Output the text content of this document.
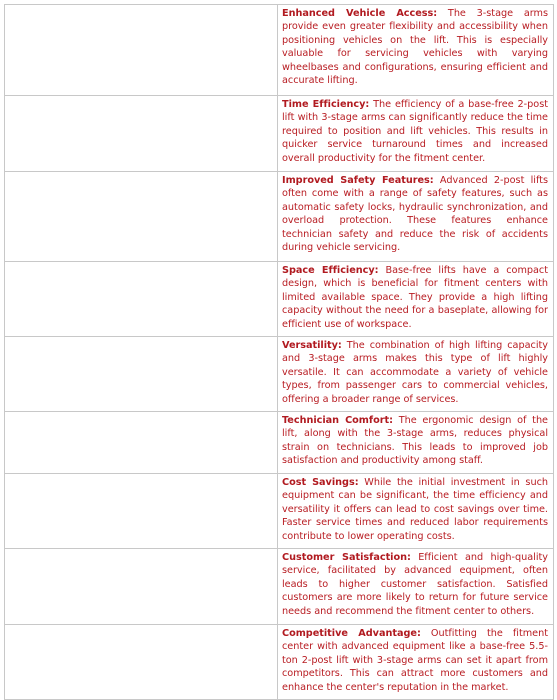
Enhanced Vehicle Access: The 3-stage arms provide even greater flexibility and accessibility when positioning vehicles on the lift. This is especially valuable for servicing vehicles with varying wheelbases and configurations, ensuring efficient and accurate lifting.

Time Efficiency: The efficiency of a base-free 2-post lift with 3-stage arms can significantly reduce the time required to position and lift vehicles. This results in quicker service turnaround times and increased overall productivity for the fitment center.

Improved Safety Features: Advanced 2-post lifts often come with a range of safety features, such as automatic safety locks, hydraulic synchronization, and overload protection. These features enhance technician safety and reduce the risk of accidents during vehicle servicing.

Space Efficiency: Base-free lifts have a compact design, which is beneficial for fitment centers with limited available space. They provide a high lifting capacity without the need for a baseplate, allowing for efficient use of workspace.

Versatility: The combination of high lifting capacity and 3-stage arms makes this type of lift highly versatile. It can accommodate a variety of vehicle types, from passenger cars to commercial vehicles, offering a broader range of services.

Technician Comfort: The ergonomic design of the lift, along with the 3-stage arms, reduces physical strain on technicians. This leads to improved job satisfaction and productivity among staff.

Cost Savings: While the initial investment in such equipment can be significant, the time efficiency and versatility it offers can lead to cost savings over time. Faster service times and reduced labor requirements contribute to lower operating costs.

Customer Satisfaction: Efficient and high-quality service, facilitated by advanced equipment, often leads to higher customer satisfaction. Satisfied customers are more likely to return for future service needs and recommend the fitment center to others.

Competitive Advantage: Outfitting the fitment center with advanced equipment like a base-free 5.5-ton 2-post lift with 3-stage arms can set it apart from competitors. This can attract more customers and enhance the center's reputation in the market.
